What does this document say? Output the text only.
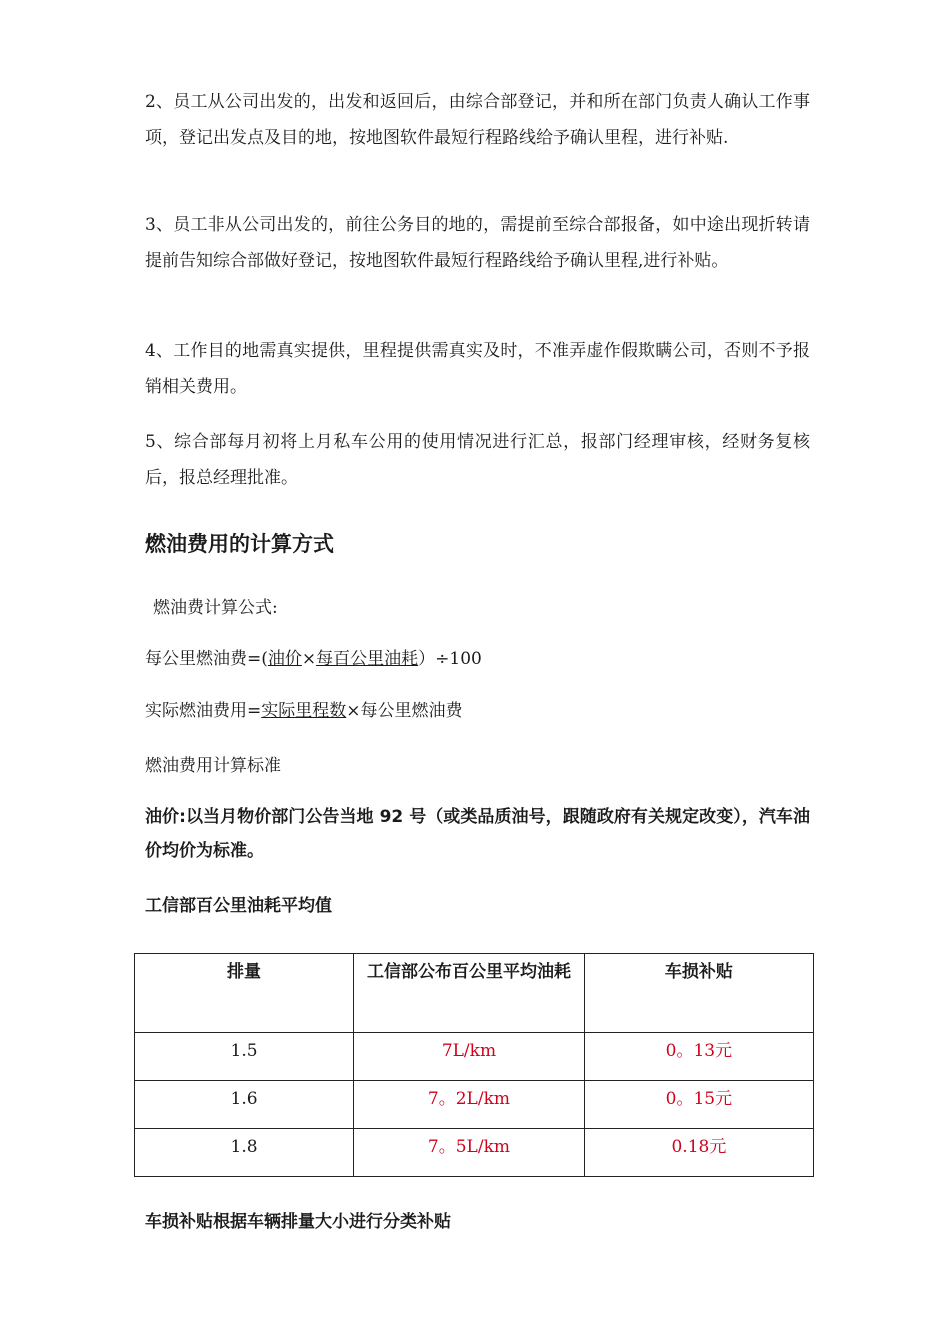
2、员工从公司出发的，出发和返回后，由综合部登记，并和所在部门负责人确认工作事项，登记出发点及目的地，按地图软件最短行程路线给予确认里程，进行补贴.

3、员工非从公司出发的，前往公务目的地的，需提前至综合部报备，如中途出现折转请提前告知综合部做好登记，按地图软件最短行程路线给予确认里程,进行补贴。

4、工作目的地需真实提供，里程提供需真实及时，不准弄虚作假欺瞒公司，否则不予报销相关费用。

5、综合部每月初将上月私车公用的使用情况进行汇总，报部门经理审核，经财务复核后，报总经理批准。

燃油费用的计算方式

燃油费计算公式:

每公里燃油费=(油价×每百公里油耗）÷100

实际燃油费用=实际里程数×每公里燃油费

燃油费用计算标准

油价:以当月物价部门公告当地 92 号（或类品质油号，跟随政府有关规定改变），汽车油价均价为标准。

工信部百公里油耗平均值

排量	工信部公布百公里平均油耗	车损补贴
1.5	7L/km	0。13元
1.6	7。2L/km	0。15元
1.8	7。5L/km	0.18元

车损补贴根据车辆排量大小进行分类补贴
